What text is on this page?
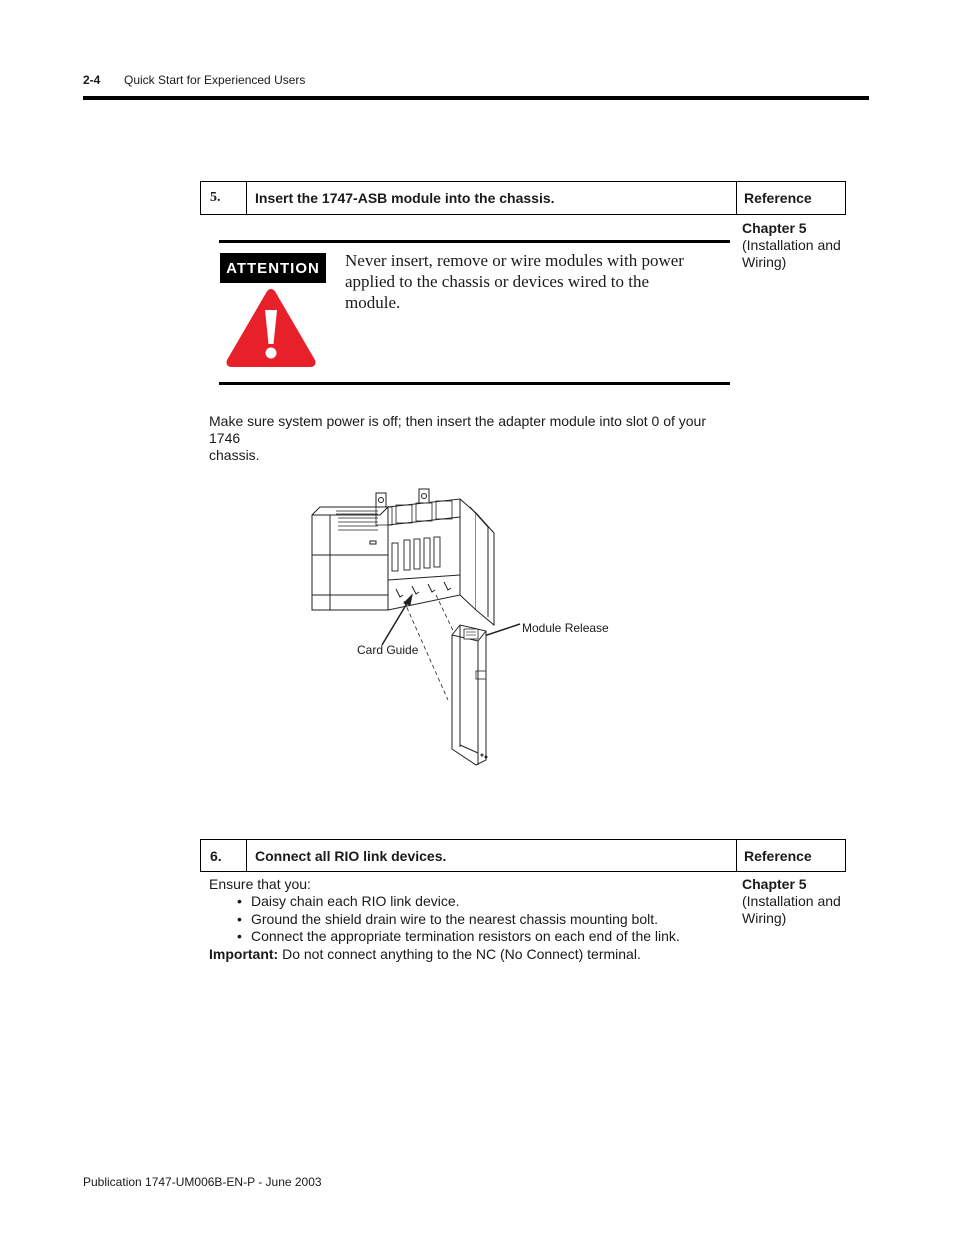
2-4 Quick Start for Experienced Users
5.	Insert the 1747-ASB module into the chassis.	Reference
Chapter 5
(Installation and
Wiring)
ATTENTION	Never insert, remove or wire modules with power
applied to the chassis or devices wired to the
module.
Make sure system power is off; then insert the adapter module into slot 0 of your 1746
chassis.
Module Release
Card Guide
6.	Connect all RIO link devices.	Reference
Ensure that you:
• Daisy chain each RIO link device.
• Ground the shield drain wire to the nearest chassis mounting bolt.
• Connect the appropriate termination resistors on each end of the link.
Important: Do not connect anything to the NC (No Connect) terminal.
Chapter 5
(Installation and
Wiring)
Publication 1747-UM006B-EN-P - June 2003
